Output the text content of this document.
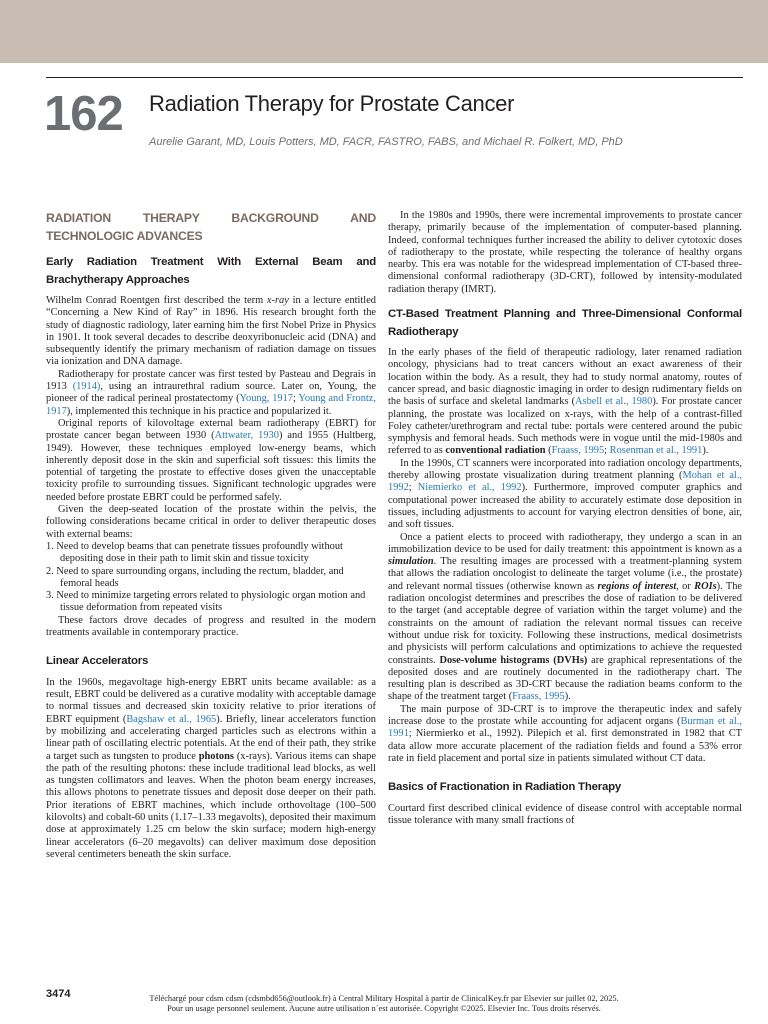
162 Radiation Therapy for Prostate Cancer
Aurelie Garant, MD, Louis Potters, MD, FACR, FASTRO, FABS, and Michael R. Folkert, MD, PhD
RADIATION THERAPY BACKGROUND AND TECHNOLOGIC ADVANCES
Early Radiation Treatment With External Beam and Brachytherapy Approaches

Wilhelm Conrad Roentgen first described the term x-ray in a lecture entitled “Concerning a New Kind of Ray” in 1896. His research brought forth the study of diagnostic radiology, later earning him the first Nobel Prize in Physics in 1901. It took several decades to describe deoxyribonucleic acid (DNA) and subsequently identify the primary mechanism of radiation damage on tissues via ionization and DNA damage.

Radiotherapy for prostate cancer was first tested by Pasteau and Degrais in 1913 (1914), using an intraurethral radium source. Later on, Young, the pioneer of the radical perineal prostatectomy (Young, 1917; Young and Frontz, 1917), implemented this technique in his practice and popularized it.

Original reports of kilovoltage external beam radiotherapy (EBRT) for prostate cancer began between 1930 (Attwater, 1930) and 1955 (Hultberg, 1949). However, these techniques employed low-energy beams, which inherently deposit dose in the skin and superficial soft tissues: this limits the potential of targeting the prostate to effective doses given the unacceptable toxicity profile to surrounding tissues. Significant technologic upgrades were needed before prostate EBRT could be performed safely.

Given the deep-seated location of the prostate within the pelvis, the following considerations became critical in order to deliver therapeutic doses with external beams:

1. Need to develop beams that can penetrate tissues profoundly without depositing dose in their path to limit skin and tissue toxicity
2. Need to spare surrounding organs, including the rectum, bladder, and femoral heads
3. Need to minimize targeting errors related to physiologic organ motion and tissue deformation from repeated visits

These factors drove decades of progress and resulted in the modern treatments available in contemporary practice.

Linear Accelerators

In the 1960s, megavoltage high-energy EBRT units became available: as a result, EBRT could be delivered as a curative modality with acceptable damage to normal tissues and decreased skin toxicity relative to prior iterations of EBRT equipment (Bagshaw et al., 1965). Briefly, linear accelerators function by mobilizing and accelerating charged particles such as electrons within a linear path of oscillating electric potentials. At the end of their path, they strike a target such as tungsten to produce photons (x-rays). Various items can shape the path of the resulting photons: these include traditional lead blocks, as well as tungsten collimators and leaves. When the photon beam energy increases, this allows photons to penetrate tissues and deposit dose deeper on their path. Prior iterations of EBRT machines, which include orthovoltage (100–500 kilovolts) and cobalt-60 units (1.17–1.33 megavolts), deposited their maximum dose at approximately 1.25 cm below the skin surface; modern high-energy linear accelerators (6–20 megavolts) can deliver maximum dose deposition several centimeters beneath the skin surface.

In the 1980s and 1990s, there were incremental improvements to prostate cancer therapy, primarily because of the implementation of computer-based planning. Indeed, conformal techniques further increased the ability to deliver cytotoxic doses of radiotherapy to the prostate, while respecting the tolerance of healthy organs nearby. This era was notable for the widespread implementation of CT-based three-dimensional conformal radiotherapy (3D-CRT), followed by intensity-modulated radiation therapy (IMRT).

CT-Based Treatment Planning and Three-Dimensional Conformal Radiotherapy

In the early phases of the field of therapeutic radiology, later renamed radiation oncology, physicians had to treat cancers without an exact awareness of their location within the body. As a result, they had to study normal anatomy, routes of cancer spread, and basic diagnostic imaging in order to design rudimentary fields on the basis of surface and skeletal landmarks (Asbell et al., 1980). For prostate cancer planning, the prostate was localized on x-rays, with the help of a contrast-filled Foley catheter/urethrogram and rectal tube: portals were centered around the pubic symphysis and femoral heads. Such methods were in vogue until the mid-1980s and referred to as conventional radiation (Fraass, 1995; Rosenman et al., 1991).

In the 1990s, CT scanners were incorporated into radiation oncology departments, thereby allowing prostate visualization during treatment planning (Mohan et al., 1992; Niemierko et al., 1992). Furthermore, improved computer graphics and computational power increased the ability to accurately estimate dose deposition in tissues, including adjustments to account for varying electron densities of bone, air, and soft tissues.

Once a patient elects to proceed with radiotherapy, they undergo a scan in an immobilization device to be used for daily treatment: this appointment is known as a simulation. The resulting images are processed with a treatment-planning system that allows the radiation oncologist to delineate the target volume (i.e., the prostate) and relevant normal tissues (otherwise known as regions of interest, or ROIs). The radiation oncologist determines and prescribes the dose of radiation to be delivered to the target (and acceptable degree of variation within the target volume) and the constraints on the amount of radiation the relevant normal tissues can receive without undue risk for toxicity. Following these instructions, medical dosimetrists and physicists will perform calculations and optimizations to achieve the requested constraints. Dose-volume histograms (DVHs) are graphical representations of the deposited doses and are routinely documented in the radiotherapy chart. The resulting plan is described as 3D-CRT because the radiation beams conform to the shape of the treatment target (Fraass, 1995).

The main purpose of 3D-CRT is to improve the therapeutic index and safely increase dose to the prostate while accounting for adjacent organs (Burman et al., 1991; Niermierko et al., 1992). Pilepich et al. first demonstrated in 1982 that CT data allow more accurate placement of the radiation fields and found a 53% error rate in field placement and portal size in patients simulated without CT data.

Basics of Fractionation in Radiation Therapy

Courtard first described clinical evidence of disease control with acceptable normal tissue tolerance with many small fractions of

3474	Téléchargé pour cdsm cdsm (cdsmbd656@outlook.fr) à Central Military Hospital à partir de ClinicalKey.fr par Elsevier sur juillet 02, 2025.
Pour un usage personnel seulement. Aucune autre utilisation n´est autorisée. Copyright ©2025. Elsevier Inc. Tous droits réservés.
